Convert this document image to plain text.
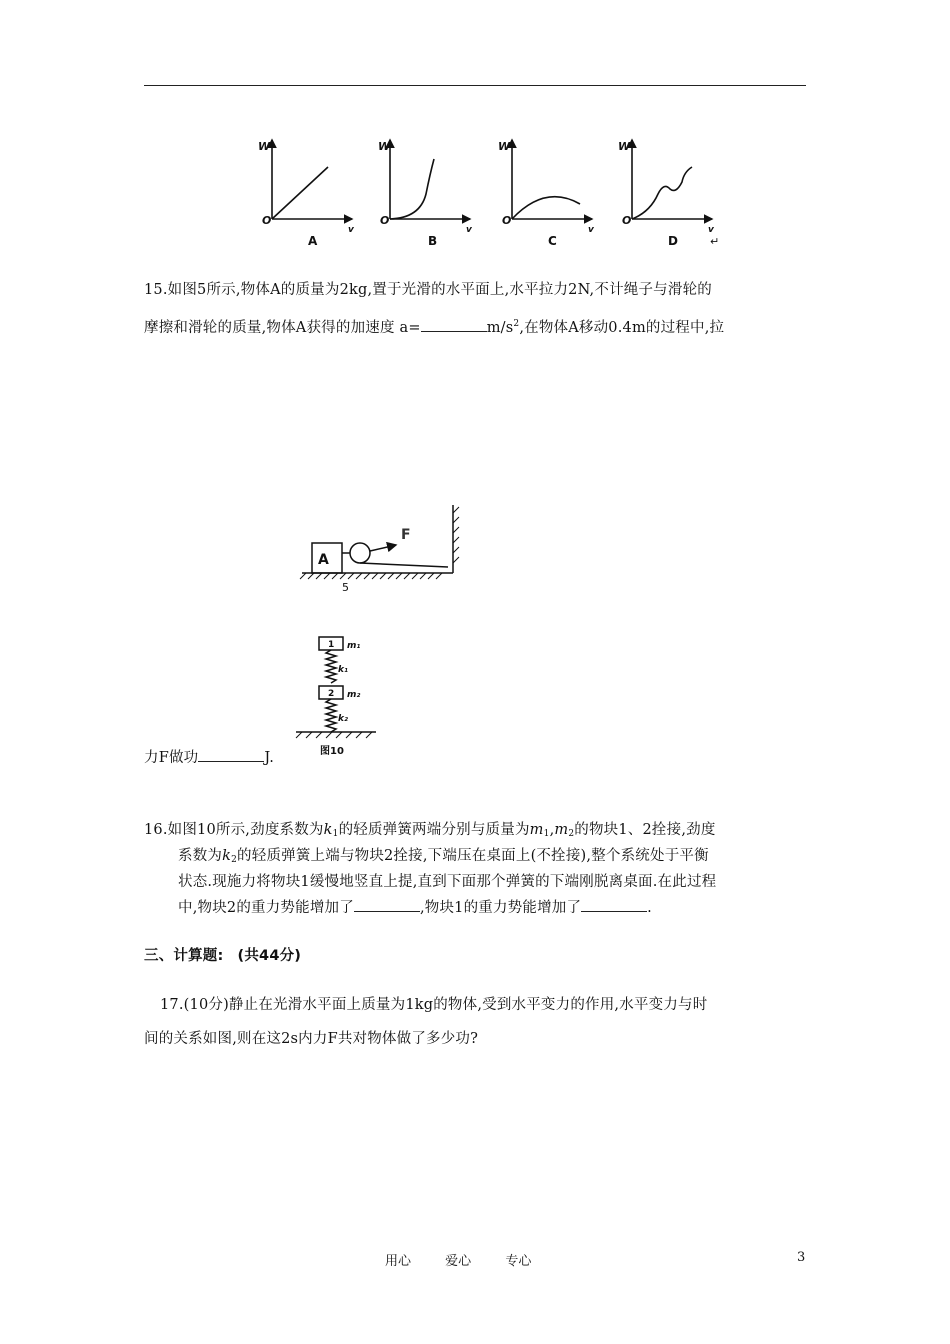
W
O
v
W
O
v
W
O
v
W
O
v
A	B	C	D	↵
15.如图5所示,物体A的质量为2kg,置于光滑的水平面上,水平拉力2N,不计绳子与滑轮的
摩擦和滑轮的质量,物体A获得的加速度 a=	$m/s^2$,在物体A移动0.4m的过程中,拉
A
F
5
1
2
m₁
m₂
k₁
k₂
图10
力F做功	J.
16.如图10所示,劲度系数为$k_1$的轻质弹簧两端分别与质量为$m_1,m_2$的物块1、2拴接,劲度
系数为$k_2$的轻质弹簧上端与物块2拴接,下端压在桌面上(不拴接),整个系统处于平衡
状态.现施力将物块1缓慢地竖直上提,直到下面那个弹簧的下端刚脱离桌面.在此过程
中,物块2的重力势能增加了	,物块1的重力势能增加了	.
三、计算题: (共44分)
17.(10分)静止在光滑水平面上质量为1kg的物体,受到水平变力的作用,水平变力与时
间的关系如图,则在这2s内力F共对物体做了多少功?
用心	爱心	专心	3
